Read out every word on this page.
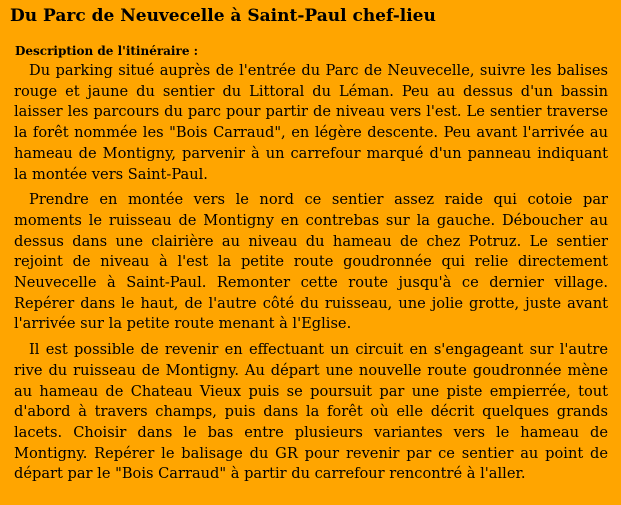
Du Parc de Neuvecelle à Saint-Paul chef-lieu
Description de l'itinéraire :

Du parking situé auprès de l'entrée du Parc de Neuvecelle, suivre les balises rouge et jaune du sentier du Littoral du Léman. Peu au dessus d'un bassin laisser les parcours du parc pour partir de niveau vers l'est. Le sentier traverse la forêt nommée les "Bois Carraud", en légère descente. Peu avant l'arrivée au hameau de Montigny, parvenir à un carrefour marqué d'un panneau indiquant la montée vers Saint-Paul.

Prendre en montée vers le nord ce sentier assez raide qui cotoie par moments le ruisseau de Montigny en contrebas sur la gauche. Déboucher au dessus dans une clairière au niveau du hameau de chez Potruz. Le sentier rejoint de niveau à l'est la petite route goudronnée qui relie directement Neuvecelle à Saint-Paul. Remonter cette route jusqu'à ce dernier village. Repérer dans le haut, de l'autre côté du ruisseau, une jolie grotte, juste avant l'arrivée sur la petite route menant à l'Eglise.

Il est possible de revenir en effectuant un circuit en s'engageant sur l'autre rive du ruisseau de Montigny. Au départ une nouvelle route goudronnée mène au hameau de Chateau Vieux puis se poursuit par une piste empierrée, tout d'abord à travers champs, puis dans la forêt où elle décrit quelques grands lacets. Choisir dans le bas entre plusieurs variantes vers le hameau de Montigny. Repérer le balisage du GR pour revenir par ce sentier au point de départ par le "Bois Carraud" à partir du carrefour rencontré à l'aller.
